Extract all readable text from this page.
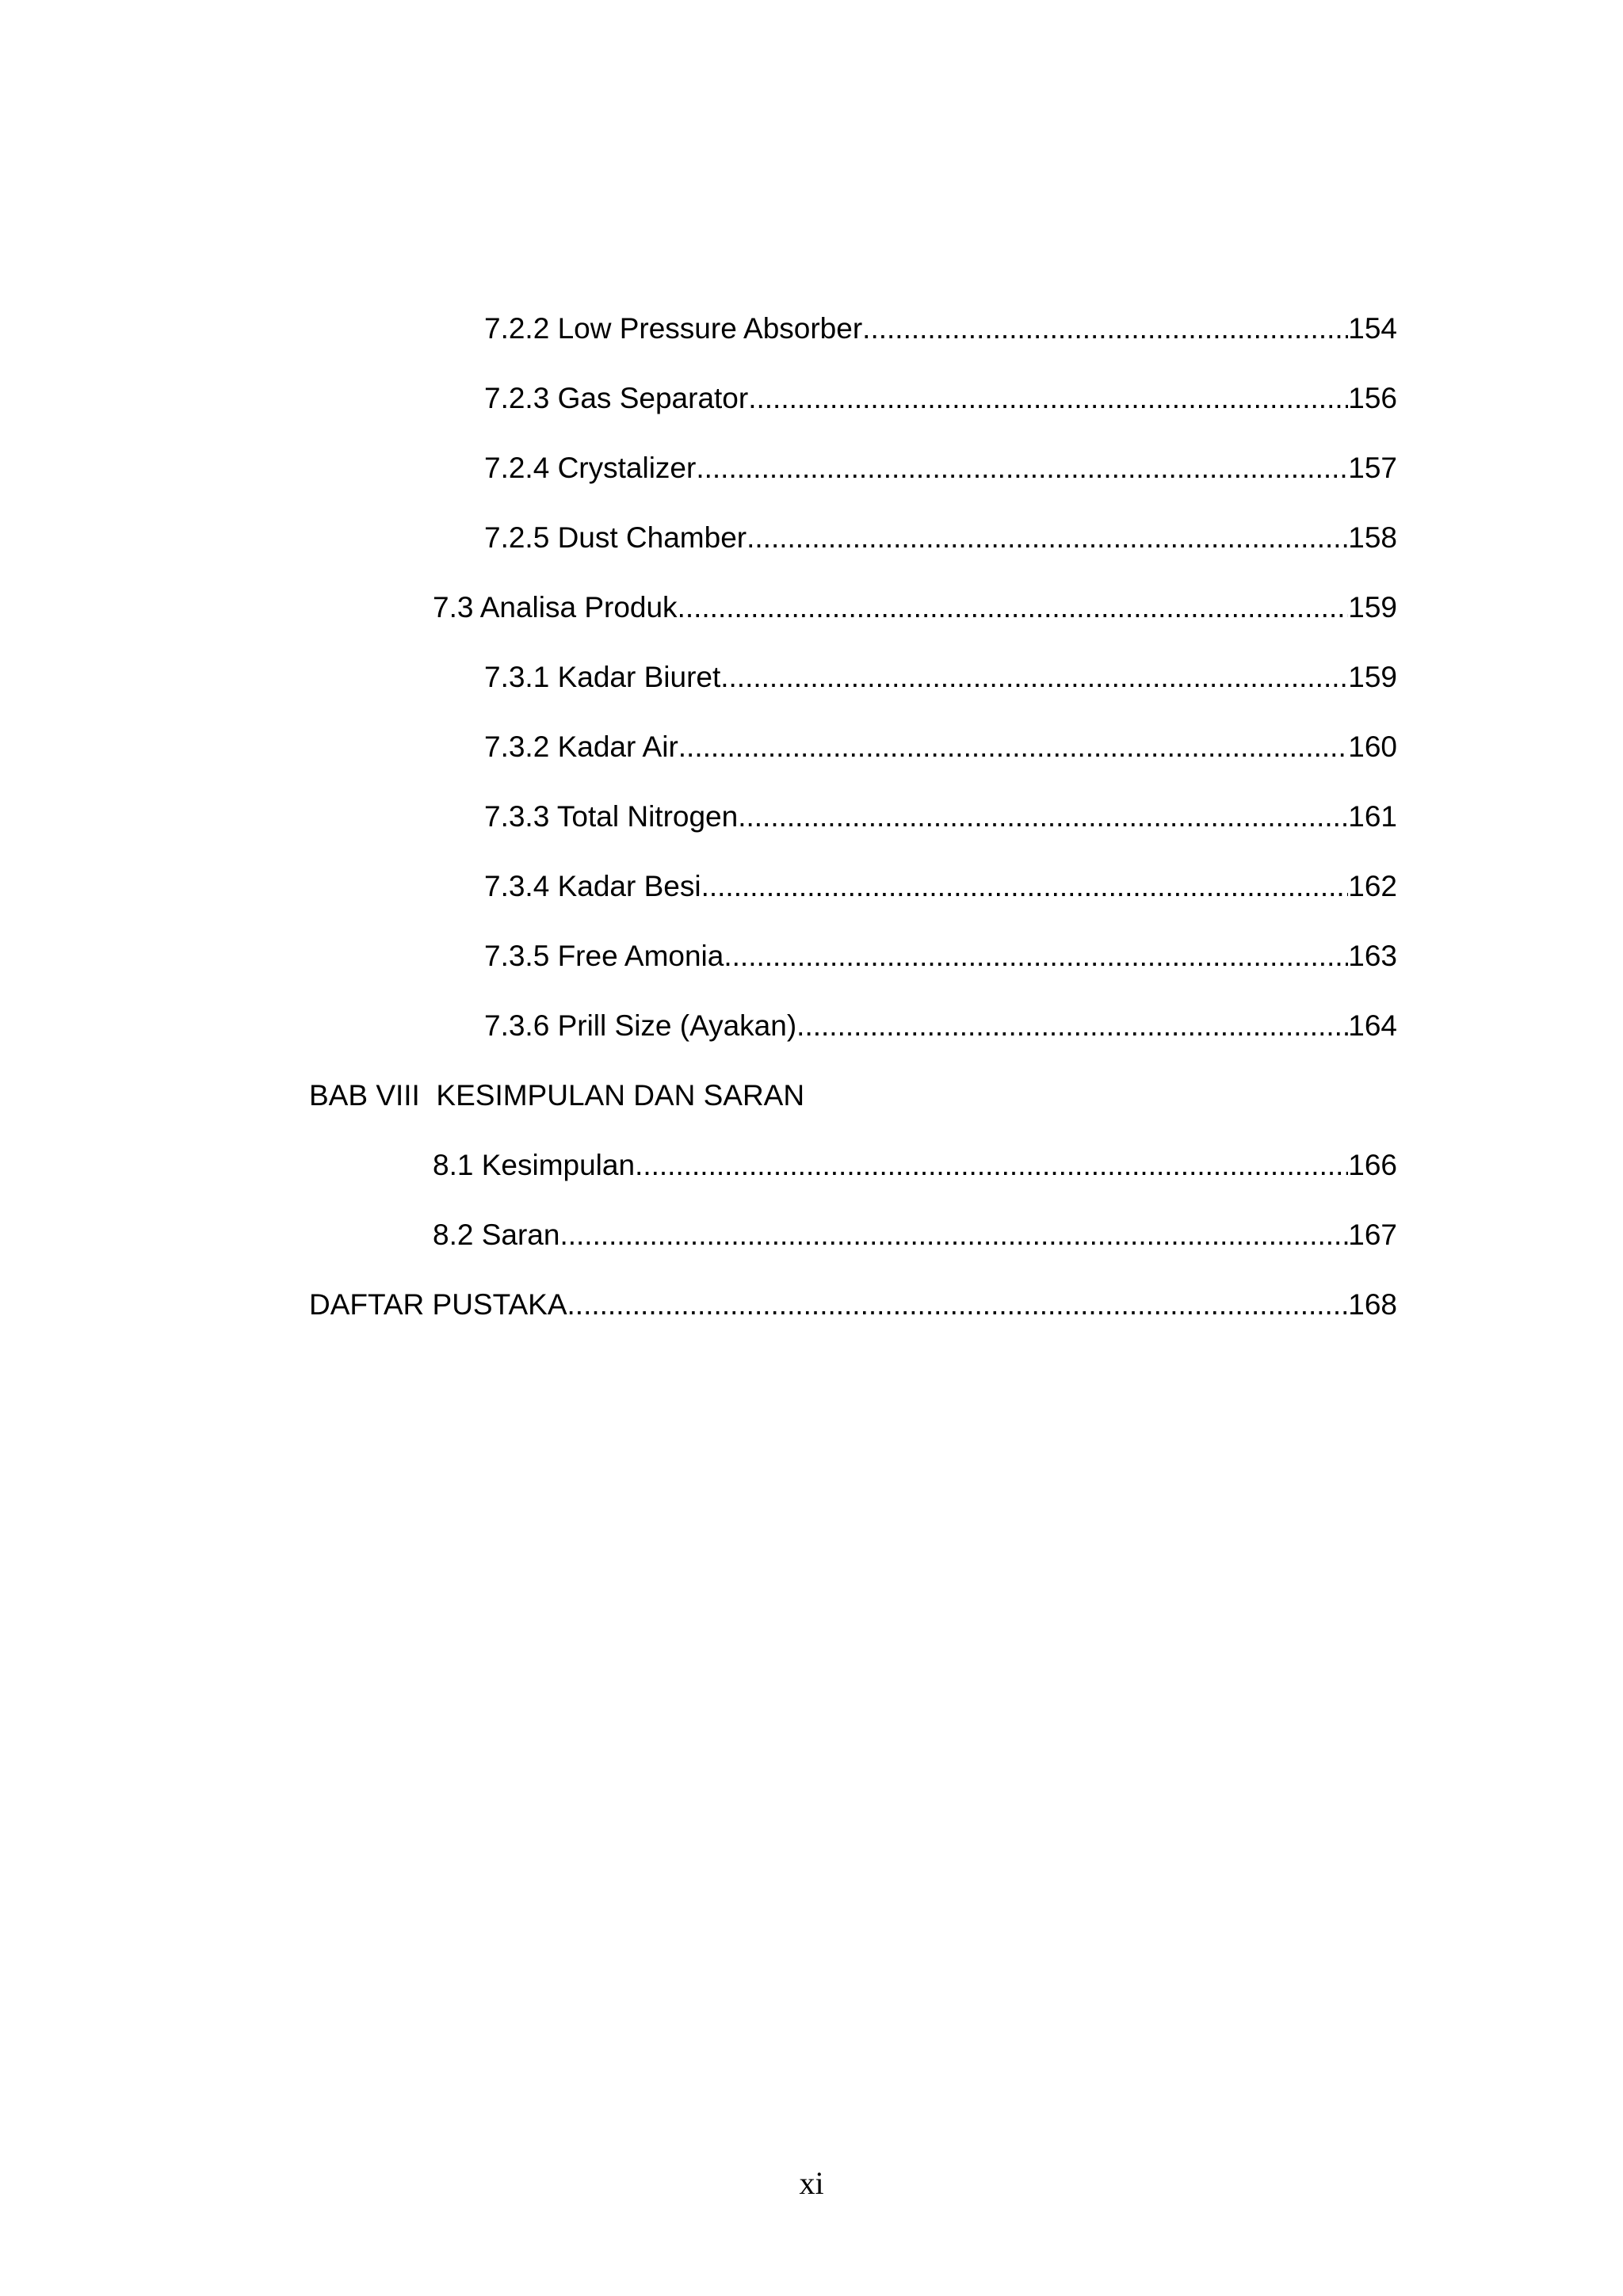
7.2.2 Low Pressure Absorber .....	154
7.2.3 Gas Separator .....	156
7.2.4 Crystalizer .....	157
7.2.5 Dust Chamber .....	158
7.3 Analisa Produk .....	159
7.3.1 Kadar Biuret .....	159
7.3.2 Kadar Air .....	160
7.3.3 Total Nitrogen .....	161
7.3.4 Kadar Besi .....	162
7.3.5 Free Amonia .....	163
7.3.6 Prill Size (Ayakan) .....	164
BAB VIII KESIMPULAN DAN SARAN
8.1 Kesimpulan .....	166
8.2 Saran .....	167
DAFTAR PUSTAKA .....	168
xi
